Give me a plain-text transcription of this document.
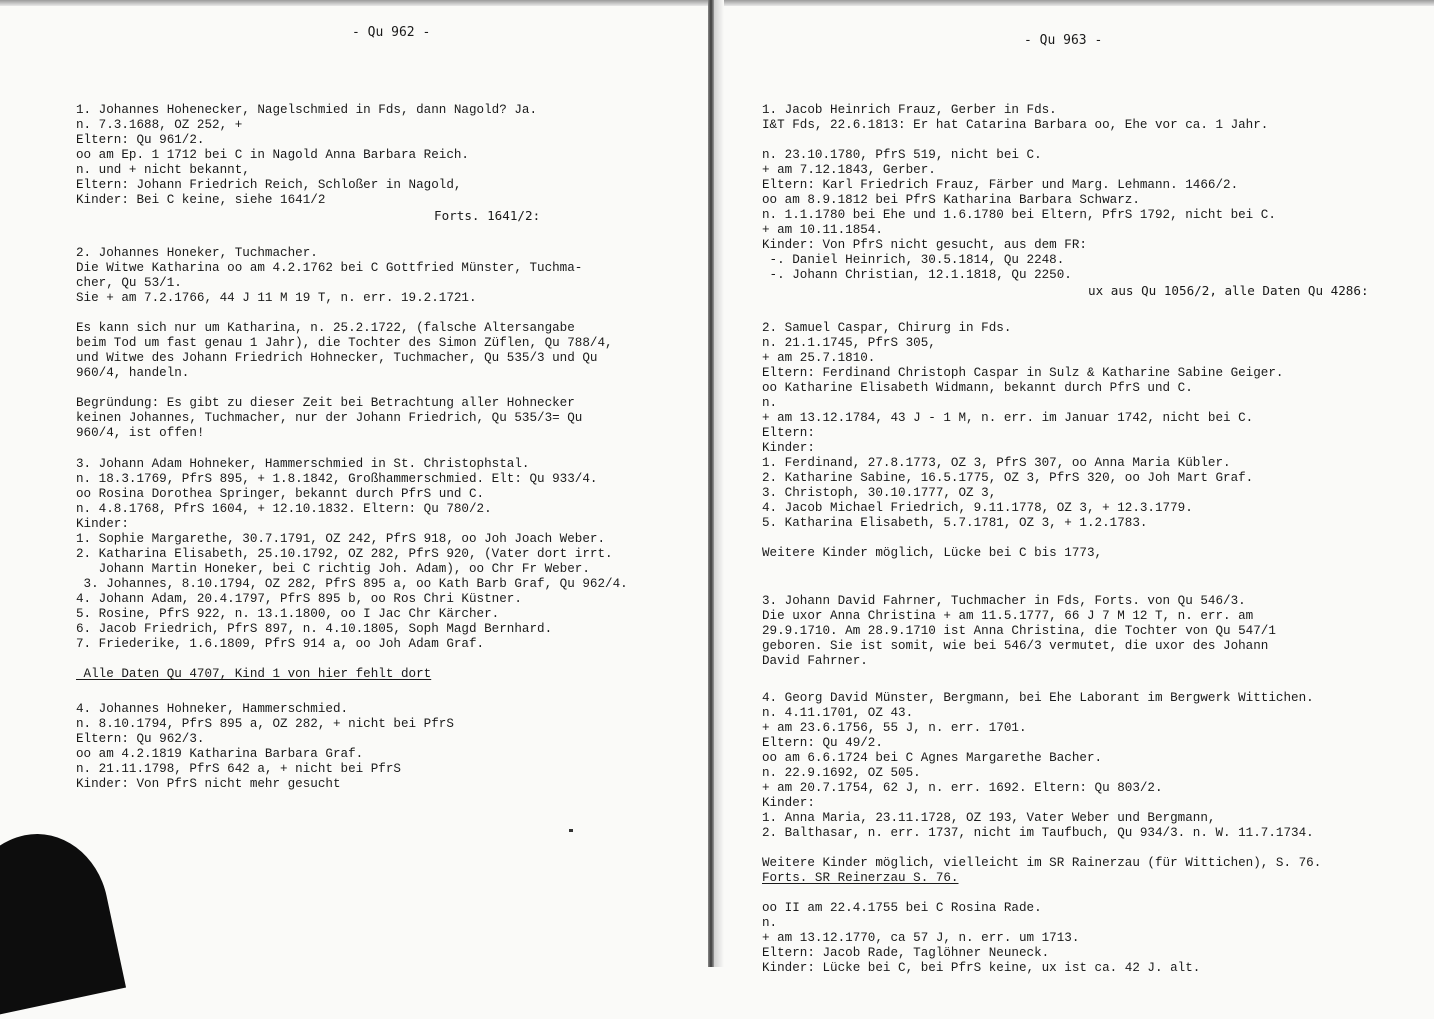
- Qu 962 -
1. Johannes Hohenecker, Nagelschmied in Fds, dann Nagold? Ja.
n. 7.3.1688, OZ 252, +
Eltern: Qu 961/2.
oo am Ep. 1 1712 bei C in Nagold Anna Barbara Reich.
n. und + nicht bekannt,
Eltern: Johann Friedrich Reich, Schloßer in Nagold,
Kinder: Bei C keine, siehe 1641/2
Forts. 1641/2:
2. Johannes Honeker, Tuchmacher.
Die Witwe Katharina oo am 4.2.1762 bei C Gottfried Münster, Tuchma-
cher, Qu 53/1.
Sie + am 7.2.1766, 44 J 11 M 19 T, n. err. 19.2.1721.

Es kann sich nur um Katharina, n. 25.2.1722, (falsche Altersangabe
beim Tod um fast genau 1 Jahr), die Tochter des Simon Züflen, Qu 788/4,
und Witwe des Johann Friedrich Hohnecker, Tuchmacher, Qu 535/3 und Qu
960/4, handeln.

Begründung: Es gibt zu dieser Zeit bei Betrachtung aller Hohnecker
keinen Johannes, Tuchmacher, nur der Johann Friedrich, Qu 535/3= Qu
960/4, ist offen!
3. Johann Adam Hohneker, Hammerschmied in St. Christophstal.
n. 18.3.1769, PfrS 895, + 1.8.1842, Großhammerschmied. Elt: Qu 933/4.
oo Rosina Dorothea Springer, bekannt durch PfrS und C.
n. 4.8.1768, PfrS 1604, + 12.10.1832. Eltern: Qu 780/2.
Kinder:
1. Sophie Margarethe, 30.7.1791, OZ 242, PfrS 918, oo Joh Joach Weber.
2. Katharina Elisabeth, 25.10.1792, OZ 282, PfrS 920, (Vater dort irrt.
Johann Martin Honeker, bei C richtig Joh. Adam), oo Chr Fr Weber.
3. Johannes, 8.10.1794, OZ 282, PfrS 895 a, oo Kath Barb Graf, Qu 962/4.
4. Johann Adam, 20.4.1797, PfrS 895 b, oo Ros Chri Küstner.
5. Rosine, PfrS 922, n. 13.1.1800, oo I Jac Chr Kärcher.
6. Jacob Friedrich, PfrS 897, n. 4.10.1805, Soph Magd Bernhard.
7. Friederike, 1.6.1809, PfrS 914 a, oo Joh Adam Graf.

Alle Daten Qu 4707, Kind 1 von hier fehlt dort
4. Johannes Hohneker, Hammerschmied.
n. 8.10.1794, PfrS 895 a, OZ 282, + nicht bei PfrS
Eltern: Qu 962/3.
oo am 4.2.1819 Katharina Barbara Graf.
n. 21.11.1798, PfrS 642 a, + nicht bei PfrS
Kinder: Von PfrS nicht mehr gesucht
- Qu 963 -
1. Jacob Heinrich Frauz, Gerber in Fds.
I&T Fds, 22.6.1813: Er hat Catarina Barbara oo, Ehe vor ca. 1 Jahr.

n. 23.10.1780, PfrS 519, nicht bei C.
+ am 7.12.1843, Gerber.
Eltern: Karl Friedrich Frauz, Färber und Marg. Lehmann. 1466/2.
oo am 8.9.1812 bei PfrS Katharina Barbara Schwarz.
n. 1.1.1780 bei Ehe und 1.6.1780 bei Eltern, PfrS 1792, nicht bei C.
+ am 10.11.1854.
Kinder: Von PfrS nicht gesucht, aus dem FR:
-. Daniel Heinrich, 30.5.1814, Qu 2248.
-. Johann Christian, 12.1.1818, Qu 2250.
ux aus Qu 1056/2, alle Daten Qu 4286:
2. Samuel Caspar, Chirurg in Fds.
n. 21.1.1745, PfrS 305,
+ am 25.7.1810.
Eltern: Ferdinand Christoph Caspar in Sulz & Katharine Sabine Geiger.
oo Katharine Elisabeth Widmann, bekannt durch PfrS und C.
n.
+ am 13.12.1784, 43 J - 1 M, n. err. im Januar 1742, nicht bei C.
Eltern:
Kinder:
1. Ferdinand, 27.8.1773, OZ 3, PfrS 307, oo Anna Maria Kübler.
2. Katharine Sabine, 16.5.1775, OZ 3, PfrS 320, oo Joh Mart Graf.
3. Christoph, 30.10.1777, OZ 3,
4. Jacob Michael Friedrich, 9.11.1778, OZ 3, + 12.3.1779.
5. Katharina Elisabeth, 5.7.1781, OZ 3, + 1.2.1783.

Weitere Kinder möglich, Lücke bei C bis 1773,
3. Johann David Fahrner, Tuchmacher in Fds, Forts. von Qu 546/3.
Die uxor Anna Christina + am 11.5.1777, 66 J 7 M 12 T, n. err. am
29.9.1710. Am 28.9.1710 ist Anna Christina, die Tochter von Qu 547/1
geboren. Sie ist somit, wie bei 546/3 vermutet, die uxor des Johann
David Fahrner.
4. Georg David Münster, Bergmann, bei Ehe Laborant im Bergwerk Wittichen.
n. 4.11.1701, OZ 43.
+ am 23.6.1756, 55 J, n. err. 1701.
Eltern: Qu 49/2.
oo am 6.6.1724 bei C Agnes Margarethe Bacher.
n. 22.9.1692, OZ 505.
+ am 20.7.1754, 62 J, n. err. 1692. Eltern: Qu 803/2.
Kinder:
1. Anna Maria, 23.11.1728, OZ 193, Vater Weber und Bergmann,
2. Balthasar, n. err. 1737, nicht im Taufbuch, Qu 934/3. n. W. 11.7.1734.

Weitere Kinder möglich, vielleicht im SR Rainerzau (für Wittichen), S. 76.
Forts. SR Reinerzau S. 76.

oo II am 22.4.1755 bei C Rosina Rade.
n.
+ am 13.12.1770, ca 57 J, n. err. um 1713.
Eltern: Jacob Rade, Taglöhner Neuneck.
Kinder: Lücke bei C, bei PfrS keine, ux ist ca. 42 J. alt.
